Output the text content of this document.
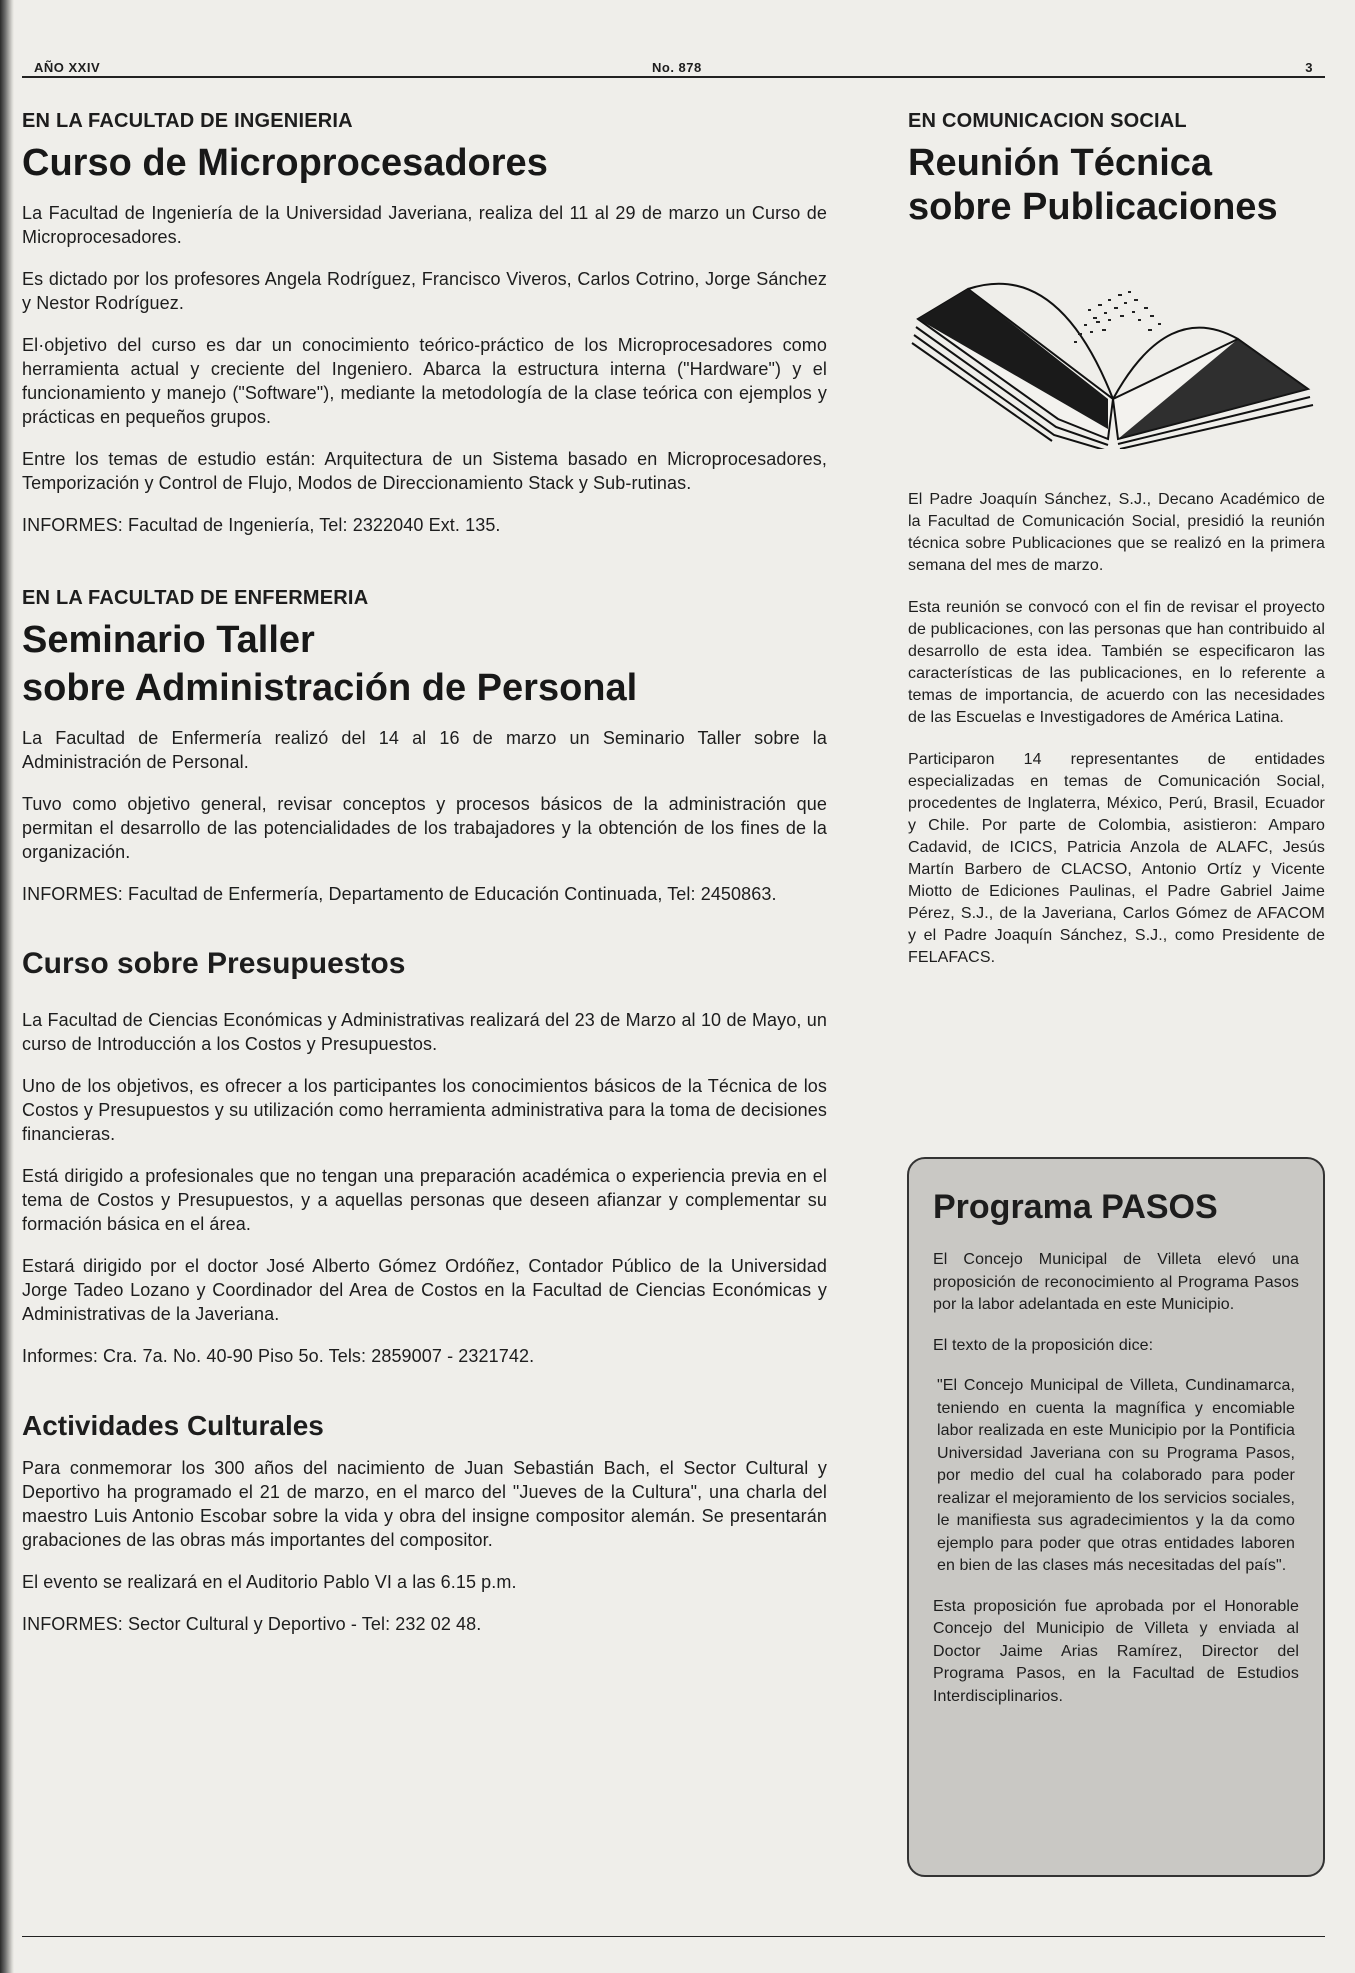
AÑO XXIV	No. 878	3
EN LA FACULTAD DE INGENIERIA
Curso de Microprocesadores

La Facultad de Ingeniería de la Universidad Javeriana, realiza del 11 al 29 de marzo un Curso de Microprocesadores.

Es dictado por los profesores Angela Rodríguez, Francisco Viveros, Carlos Cotrino, Jorge Sánchez y Nestor Rodríguez.

El·objetivo del curso es dar un conocimiento teórico-práctico de los Microprocesadores como herramienta actual y creciente del Ingeniero. Abarca la estructura interna ("Hardware") y el funcionamiento y manejo ("Software"), mediante la metodología de la clase teórica con ejemplos y prácticas en pequeños grupos.

Entre los temas de estudio están: Arquitectura de un Sistema basado en Microprocesadores, Temporización y Control de Flujo, Modos de Direccionamiento Stack y Sub-rutinas.

INFORMES: Facultad de Ingeniería, Tel: 2322040 Ext. 135.

EN LA FACULTAD DE ENFERMERIA
Seminario Taller
sobre Administración de Personal

La Facultad de Enfermería realizó del 14 al 16 de marzo un Seminario Taller sobre la Administración de Personal.

Tuvo como objetivo general, revisar conceptos y procesos básicos de la administración que permitan el desarrollo de las potencialidades de los trabajadores y la obtención de los fines de la organización.

INFORMES: Facultad de Enfermería, Departamento de Educación Continuada, Tel: 2450863.

Curso sobre Presupuestos

La Facultad de Ciencias Económicas y Administrativas realizará del 23 de Marzo al 10 de Mayo, un curso de Introducción a los Costos y Presupuestos.

Uno de los objetivos, es ofrecer a los participantes los conocimientos básicos de la Técnica de los Costos y Presupuestos y su utilización como herramienta administrativa para la toma de decisiones financieras.

Está dirigido a profesionales que no tengan una preparación académica o experiencia previa en el tema de Costos y Presupuestos, y a aquellas personas que deseen afianzar y complementar su formación básica en el área.

Estará dirigido por el doctor José Alberto Gómez Ordóñez, Contador Público de la Universidad Jorge Tadeo Lozano y Coordinador del Area de Costos en la Facultad de Ciencias Económicas y Administrativas de la Javeriana.

Informes: Cra. 7a. No. 40-90 Piso 5o. Tels: 2859007 - 2321742.

Actividades Culturales

Para conmemorar los 300 años del nacimiento de Juan Sebastián Bach, el Sector Cultural y Deportivo ha programado el 21 de marzo, en el marco del "Jueves de la Cultura", una charla del maestro Luis Antonio Escobar sobre la vida y obra del insigne compositor alemán. Se presentarán grabaciones de las obras más importantes del compositor.

El evento se realizará en el Auditorio Pablo VI a las 6.15 p.m.

INFORMES: Sector Cultural y Deportivo - Tel: 232 02 48.

EN COMUNICACION SOCIAL
Reunión Técnica
sobre Publicaciones

El Padre Joaquín Sánchez, S.J., Decano Académico de la Facultad de Comunicación Social, presidió la reunión técnica sobre Publicaciones que se realizó en la primera semana del mes de marzo.

Esta reunión se convocó con el fin de revisar el proyecto de publicaciones, con las personas que han contribuido al desarrollo de esta idea. También se especificaron las características de las publicaciones, en lo referente a temas de importancia, de acuerdo con las necesidades de las Escuelas e Investigadores de América Latina.

Participaron 14 representantes de entidades especializadas en temas de Comunicación Social, procedentes de Inglaterra, México, Perú, Brasil, Ecuador y Chile. Por parte de Colombia, asistieron: Amparo Cadavid, de ICICS, Patricia Anzola de ALAFC, Jesús Martín Barbero de CLACSO, Antonio Ortíz y Vicente Miotto de Ediciones Paulinas, el Padre Gabriel Jaime Pérez, S.J., de la Javeriana, Carlos Gómez de AFACOM y el Padre Joaquín Sánchez, S.J., como Presidente de FELAFACS.

Programa PASOS

El Concejo Municipal de Villeta elevó una proposición de reconocimiento al Programa Pasos por la labor adelantada en este Municipio.

El texto de la proposición dice:

"El Concejo Municipal de Villeta, Cundinamarca, teniendo en cuenta la magnífica y encomiable labor realizada en este Municipio por la Pontificia Universidad Javeriana con su Programa Pasos, por medio del cual ha colaborado para poder realizar el mejoramiento de los servicios sociales, le manifiesta sus agradecimientos y la da como ejemplo para poder que otras entidades laboren en bien de las clases más necesitadas del país".

Esta proposición fue aprobada por el Honorable Concejo del Municipio de Villeta y enviada al Doctor Jaime Arias Ramírez, Director del Programa Pasos, en la Facultad de Estudios Interdisciplinarios.
